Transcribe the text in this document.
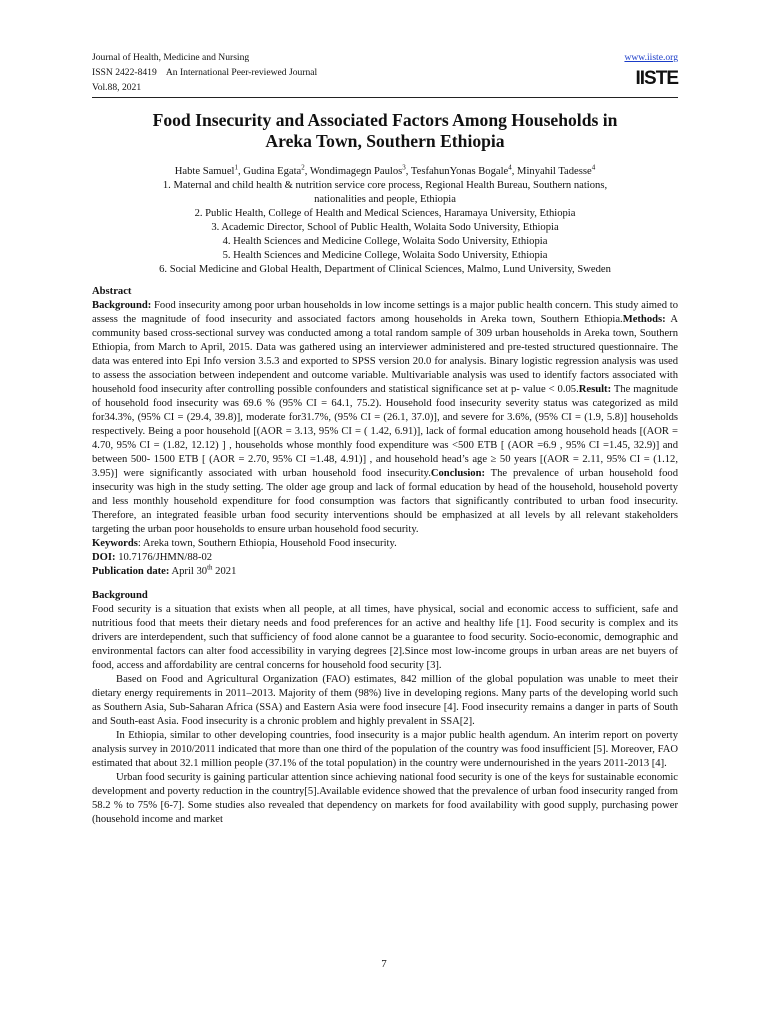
Journal of Health, Medicine and Nursing
ISSN 2422-8419 An International Peer-reviewed Journal
Vol.88, 2021
www.iiste.org
IISTE
Food Insecurity and Associated Factors Among Households in
Areka Town, Southern Ethiopia
Habte Samuel$^1$, Gudina Egata$^2$, Wondimagegn Paulos$^3$, TesfahunYonas Bogale$^4$, Minyahil Tadesse$^4$
1. Maternal and child health & nutrition service core process, Regional Health Bureau, Southern nations,
nationalities and people, Ethiopia
2. Public Health, College of Health and Medical Sciences, Haramaya University, Ethiopia
3. Academic Director, School of Public Health, Wolaita Sodo University, Ethiopia
4. Health Sciences and Medicine College, Wolaita Sodo University, Ethiopia
5. Health Sciences and Medicine College, Wolaita Sodo University, Ethiopia
6. Social Medicine and Global Health, Department of Clinical Sciences, Malmo, Lund University, Sweden
Abstract

Background: Food insecurity among poor urban households in low income settings is a major public health concern. This study aimed to assess the magnitude of food insecurity and associated factors among households in Areka town, Southern Ethiopia.Methods: A community based cross-sectional survey was conducted among a total random sample of 309 urban households in Areka town, Southern Ethiopia, from March to April, 2015. Data was gathered using an interviewer administered and pre-tested structured questionnaire. The data was entered into Epi Info version 3.5.3 and exported to SPSS version 20.0 for analysis. Binary logistic regression analysis was used to assess the association between independent and outcome variable. Multivariable analysis was used to identify factors associated with household food insecurity after controlling possible confounders and statistical significance set at p- value < 0.05.Result: The magnitude of household food insecurity was 69.6 % (95% CI = 64.1, 75.2). Household food insecurity severity status was categorized as mild for34.3%, (95% CI = (29.4, 39.8)], moderate for31.7%, (95% CI = (26.1, 37.0)], and severe for 3.6%, (95% CI = (1.9, 5.8)] households respectively. Being a poor household [(AOR = 3.13, 95% CI = ( 1.42, 6.91)], lack of formal education among household heads [(AOR = 4.70, 95% CI = (1.82, 12.12) ] , households whose monthly food expenditure was <500 ETB [ (AOR =6.9 , 95% CI =1.45, 32.9)] and between 500- 1500 ETB [ (AOR = 2.70, 95% CI =1.48, 4.91)] , and household head’s age ≥ 50 years [(AOR = 2.11, 95% CI = (1.12, 3.95)] were significantly associated with urban household food insecurity.Conclusion: The prevalence of urban household food insecurity was high in the study setting. The older age group and lack of formal education by head of the household, household poverty and less monthly household expenditure for food consumption was factors that significantly contributed to urban food insecurity. Therefore, an integrated feasible urban food security interventions should be emphasized at all levels by all relevant stakeholders targeting the urban poor households to ensure urban household food security.

Keywords: Areka town, Southern Ethiopia, Household Food insecurity.
DOI: 10.7176/JHMN/88-02
Publication date: April 30th 2021
Background

Food security is a situation that exists when all people, at all times, have physical, social and economic access to sufficient, safe and nutritious food that meets their dietary needs and food preferences for an active and healthy life [1]. Food security is complex and its drivers are interdependent, such that sufficiency of food alone cannot be a guarantee to food security. Socio-economic, demographic and environmental factors can alter food accessibility in varying degrees [2].Since most low-income groups in urban areas are net buyers of food, access and affordability are central concerns for household food security [3].

Based on Food and Agricultural Organization (FAO) estimates, 842 million of the global population was unable to meet their dietary energy requirements in 2011–2013. Majority of them (98%) live in developing regions. Many parts of the developing world such as Southern Asia, Sub-Saharan Africa (SSA) and Eastern Asia were food insecure [4]. Food insecurity remains a danger in parts of South and South-east Asia. Food insecurity is a chronic problem and highly prevalent in SSA[2].

In Ethiopia, similar to other developing countries, food insecurity is a major public health agendum. An interim report on poverty analysis survey in 2010/2011 indicated that more than one third of the population of the country was food insufficient [5]. Moreover, FAO estimated that about 32.1 million people (37.1% of the total population) in the country were undernourished in the years 2011-2013 [4].

Urban food security is gaining particular attention since achieving national food security is one of the keys for sustainable economic development and poverty reduction in the country[5].Available evidence showed that the prevalence of urban food insecurity ranged from 58.2 % to 75% [6-7]. Some studies also revealed that dependency on markets for food availability with good supply, purchasing power (household income and market

7
